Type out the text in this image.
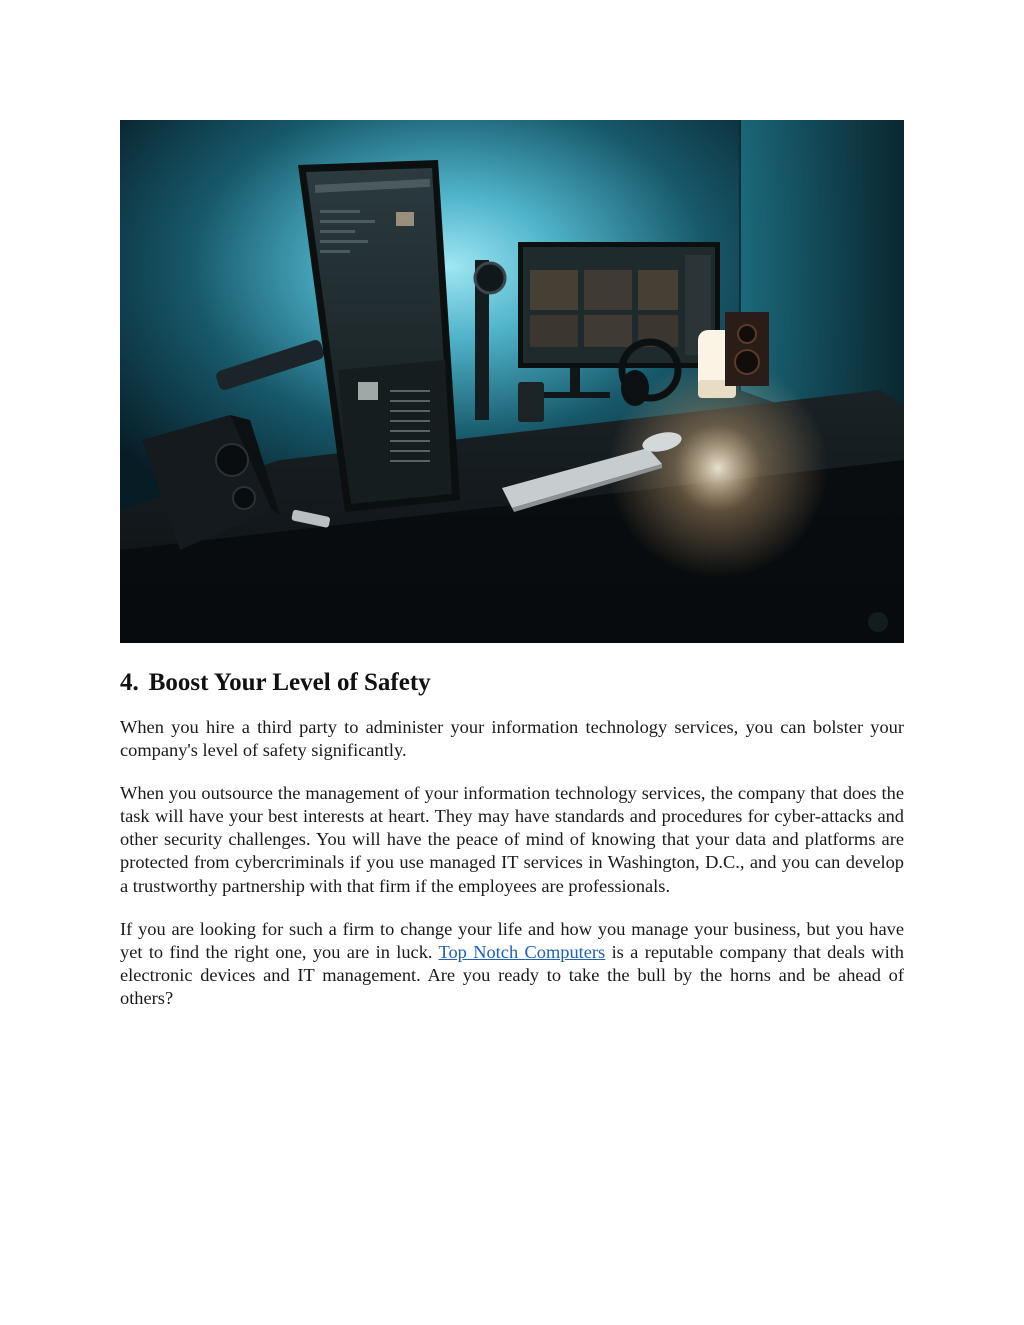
4. Boost Your Level of Safety

When you hire a third party to administer your information technology services, you can bolster your company's level of safety significantly.

When you outsource the management of your information technology services, the company that does the task will have your best interests at heart. They may have standards and procedures for cyber-attacks and other security challenges. You will have the peace of mind of knowing that your data and platforms are protected from cybercriminals if you use managed IT services in Washington, D.C., and you can develop a trustworthy partnership with that firm if the employees are professionals.

If you are looking for such a firm to change your life and how you manage your business, but you have yet to find the right one, you are in luck. Top Notch Computers is a reputable company that deals with electronic devices and IT management. Are you ready to take the bull by the horns and be ahead of others?
